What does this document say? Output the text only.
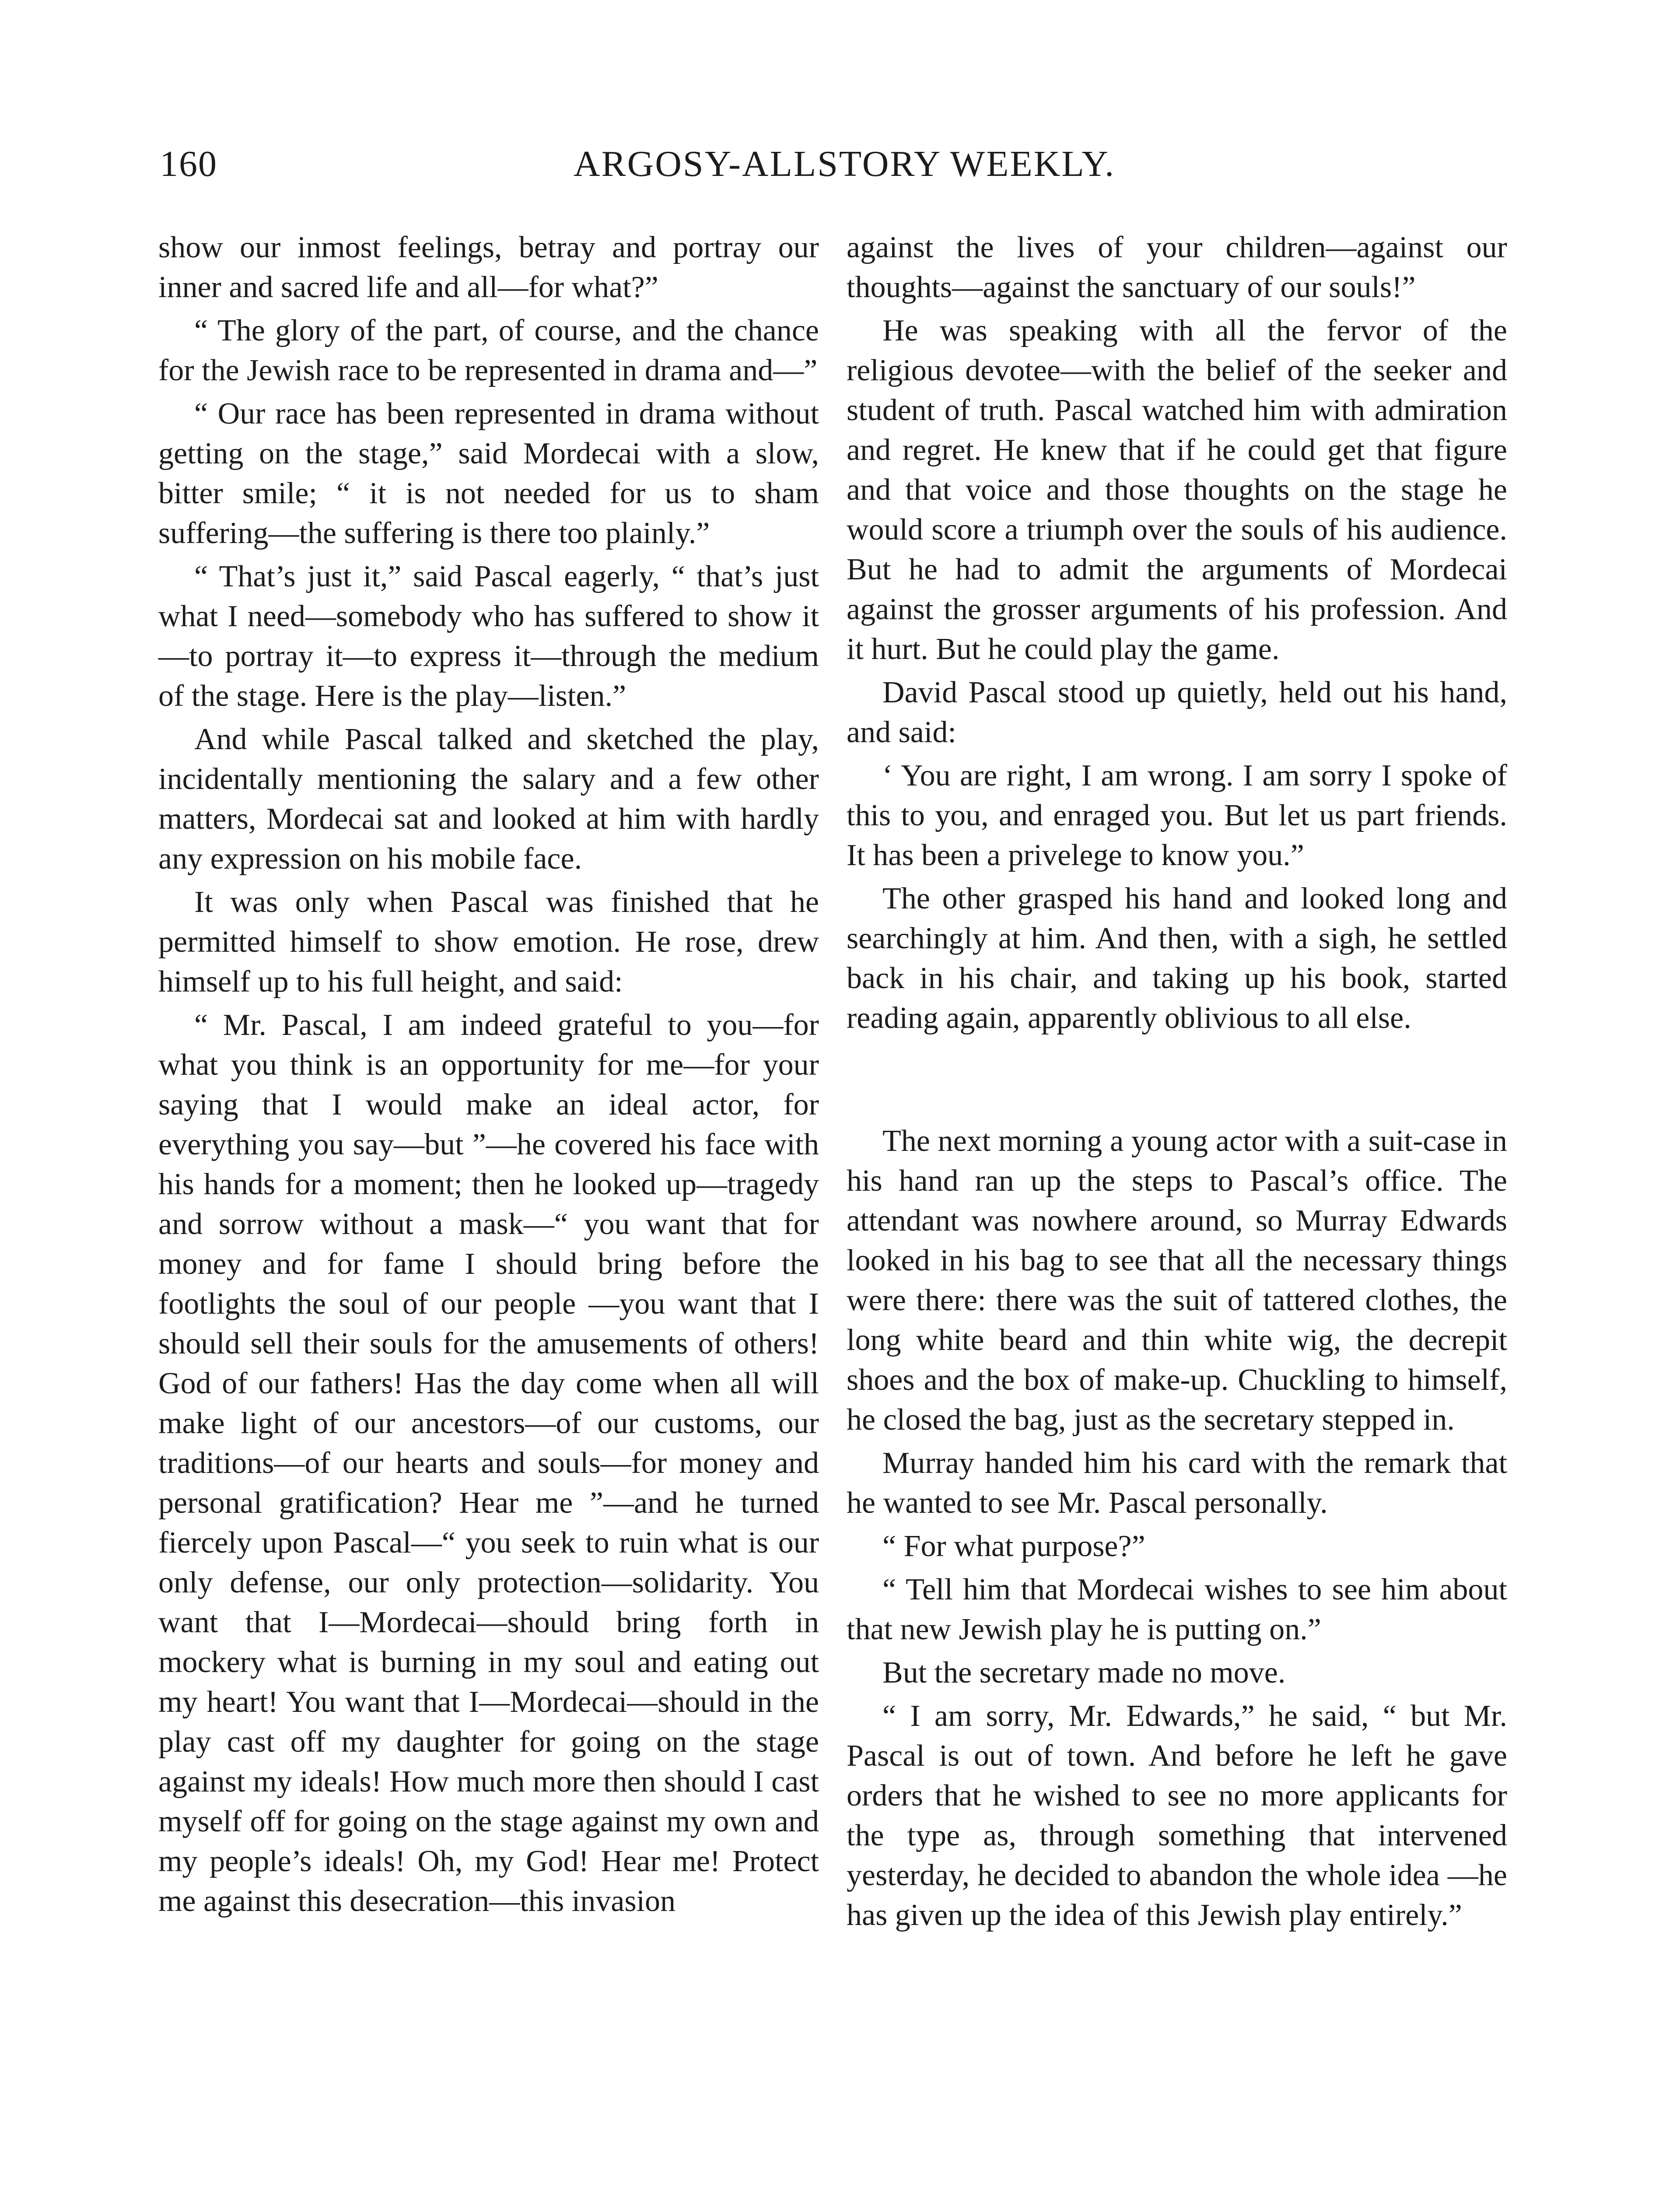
160	ARGOSY-ALLSTORY WEEKLY.

show our inmost feelings, betray and portray our inner and sacred life and all—for what?”

“ The glory of the part, of course, and the chance for the Jewish race to be represented in drama and—”

“ Our race has been represented in drama without getting on the stage,” said Mordecai with a slow, bitter smile; “ it is not needed for us to sham suffering—the suffering is there too plainly.”

“ That’s just it,” said Pascal eagerly, “ that’s just what I need—somebody who has suffered to show it—to portray it—to express it—through the medium of the stage. Here is the play—listen.”

And while Pascal talked and sketched the play, incidentally mentioning the salary and a few other matters, Mordecai sat and looked at him with hardly any expression on his mobile face.

It was only when Pascal was finished that he permitted himself to show emotion. He rose, drew himself up to his full height, and said:

“ Mr. Pascal, I am indeed grateful to you—for what you think is an opportunity for me—for your saying that I would make an ideal actor, for everything you say—but ”—he covered his face with his hands for a moment; then he looked up—tragedy and sorrow without a mask—“ you want that for money and for fame I should bring before the footlights the soul of our people —you want that I should sell their souls for the amusements of others! God of our fathers! Has the day come when all will make light of our ancestors—of our customs, our traditions—of our hearts and souls—for money and personal gratification? Hear me ”—and he turned fiercely upon Pascal—“ you seek to ruin what is our only defense, our only protection—solidarity. You want that I—Mordecai—should bring forth in mockery what is burning in my soul and eating out my heart! You want that I—Mordecai—should in the play cast off my daughter for going on the stage against my ideals! How much more then should I cast myself off for going on the stage against my own and my people’s ideals! Oh, my God! Hear me! Protect me against this desecration—this invasion

against the lives of your children—against our thoughts—against the sanctuary of our souls!”

He was speaking with all the fervor of the religious devotee—with the belief of the seeker and student of truth. Pascal watched him with admiration and regret. He knew that if he could get that figure and that voice and those thoughts on the stage he would score a triumph over the souls of his audience. But he had to admit the arguments of Mordecai against the grosser arguments of his profession. And it hurt. But he could play the game.

David Pascal stood up quietly, held out his hand, and said:

‘ You are right, I am wrong. I am sorry I spoke of this to you, and enraged you. But let us part friends. It has been a privelege to know you.”

The other grasped his hand and looked long and searchingly at him. And then, with a sigh, he settled back in his chair, and taking up his book, started reading again, apparently oblivious to all else.

The next morning a young actor with a suit-case in his hand ran up the steps to Pascal’s office. The attendant was nowhere around, so Murray Edwards looked in his bag to see that all the necessary things were there: there was the suit of tattered clothes, the long white beard and thin white wig, the decrepit shoes and the box of make-up. Chuckling to himself, he closed the bag, just as the secretary stepped in.

Murray handed him his card with the remark that he wanted to see Mr. Pascal personally.

“ For what purpose?”

“ Tell him that Mordecai wishes to see him about that new Jewish play he is putting on.”

But the secretary made no move.

“ I am sorry, Mr. Edwards,” he said, “ but Mr. Pascal is out of town. And before he left he gave orders that he wished to see no more applicants for the type as, through something that intervened yesterday, he decided to abandon the whole idea —he has given up the idea of this Jewish play entirely.”
